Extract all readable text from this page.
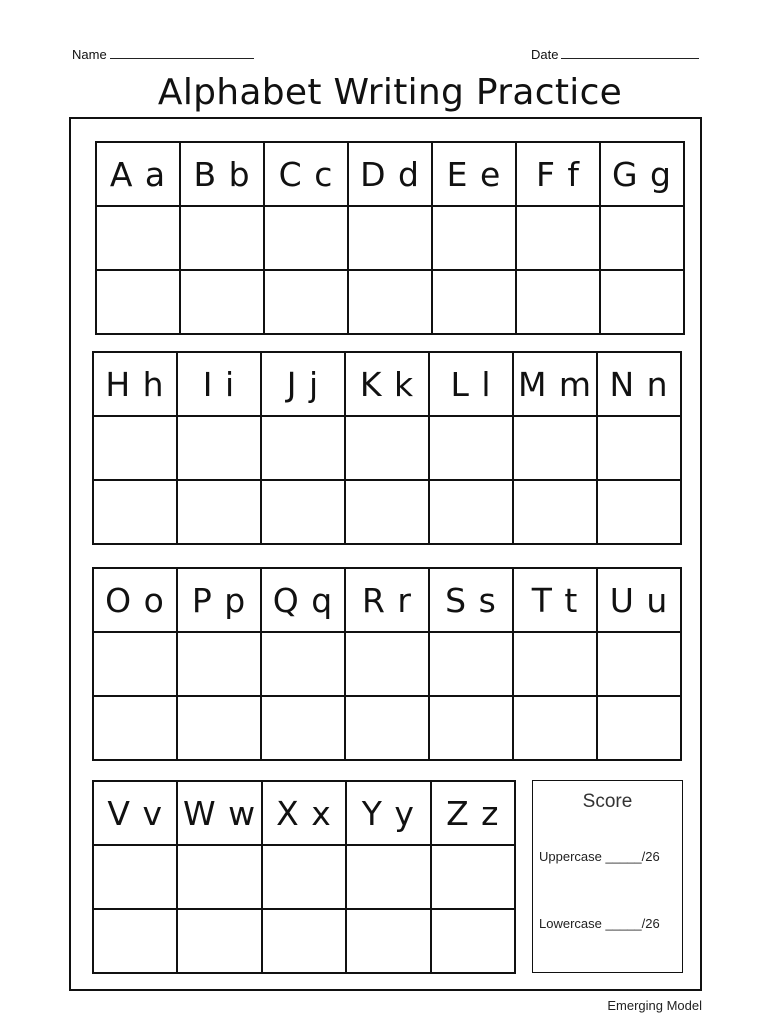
Name	Date
Alphabet Writing Practice
A a	B b	C c	D d	E e	F f	G g

H h	I i	J j	K k	L l	M m	N n

O o	P p	Q q	R r	S s	T t	U u

V v	W w	X x	Y y	Z z

					Score
Uppercase _____/26
Lowercase _____/26
Emerging Model
